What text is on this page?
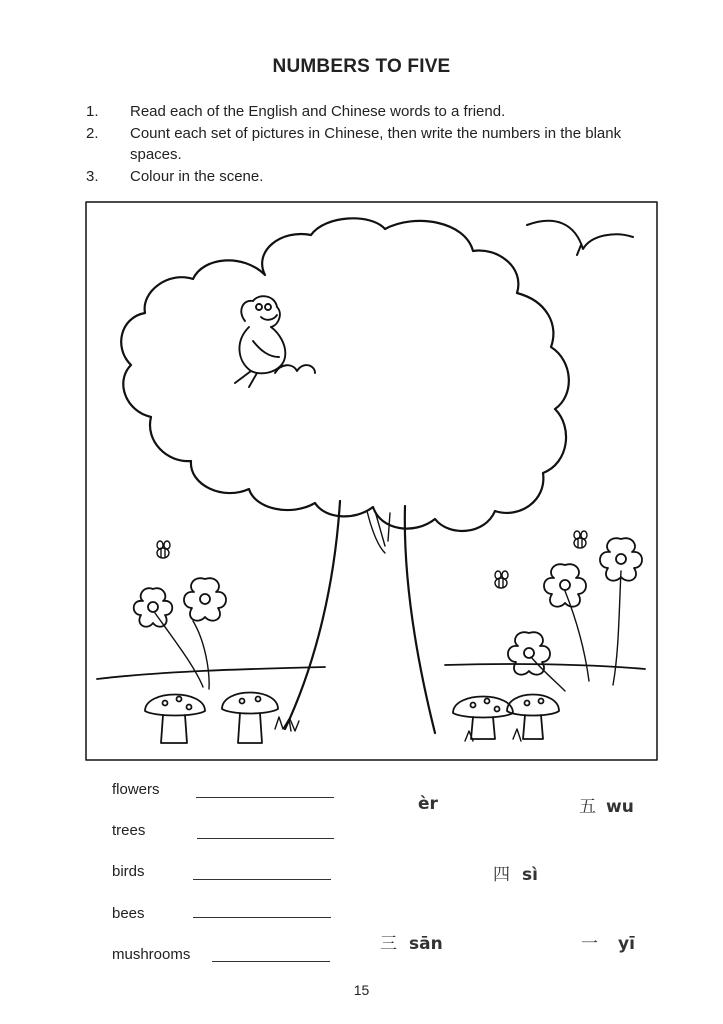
NUMBERS TO FIVE
1.	Read each of the English and Chinese words to a friend.
2.	Count each set of pictures in Chinese, then write the numbers in the blank spaces.
3.	Colour in the scene.
flowers
trees
birds
bees
mushrooms
èr	五 wu
四 sì
三 sān	一 yī
15
